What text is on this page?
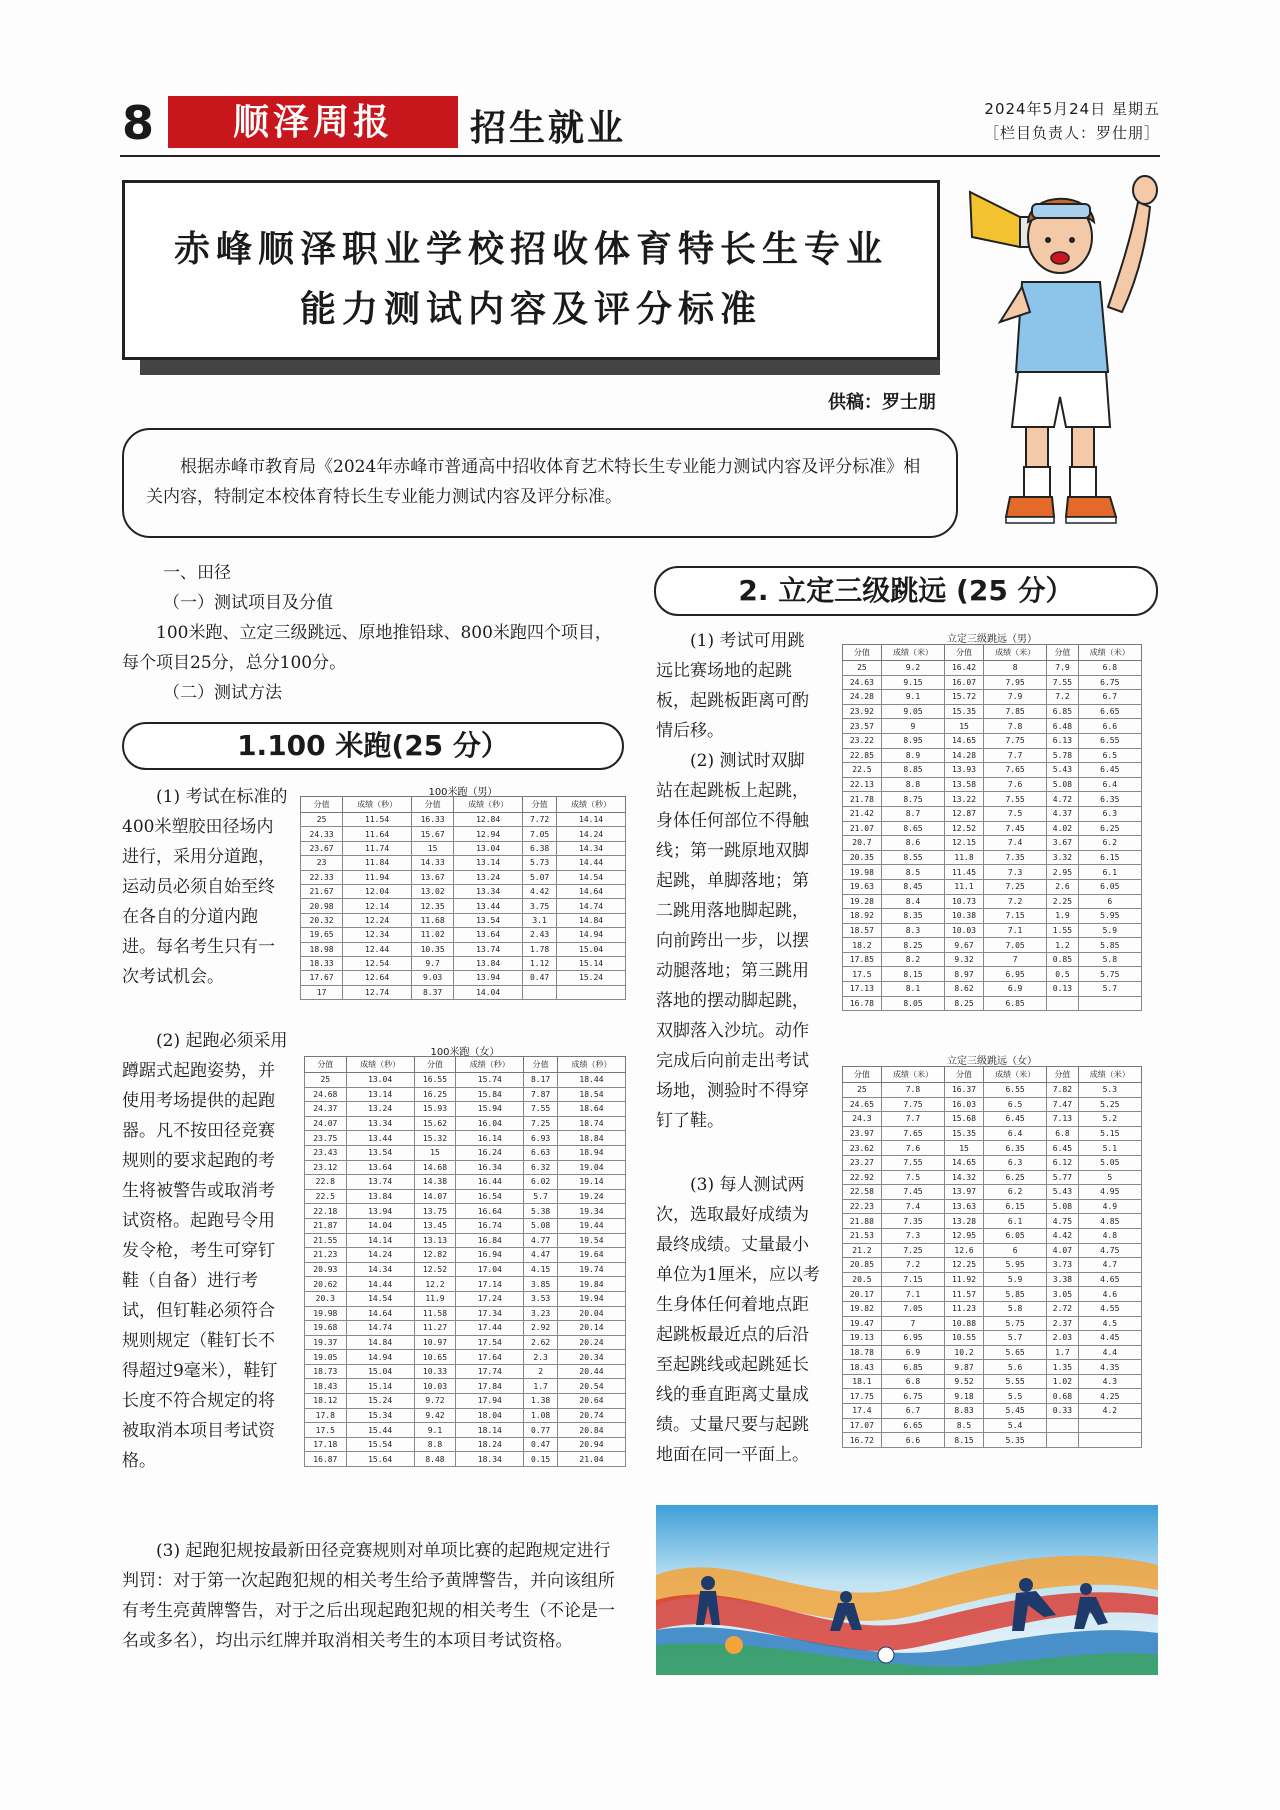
8	顺泽周报	招生就业	2024年5月24日 星期五
［栏目负责人：罗仕朋］
赤峰顺泽职业学校招收体育特长生专业
能力测试内容及评分标准
供稿：罗士朋
根据赤峰市教育局《2024年赤峰市普通高中招收体育艺术特长生专业能力测试内容及评分标准》相关内容，特制定本校体育特长生专业能力测试内容及评分标准。
一、田径
（一）测试项目及分值
100米跑、立定三级跳远、原地推铅球、800米跑四个项目，每个项目25分，总分100分。
（二）测试方法
1.100 米跑(25 分）
(1) 考试在标准的400米塑胶田径场内进行，采用分道跑，运动员必须自始至终在各自的分道内跑进。每名考生只有一次考试机会。
(2) 起跑必须采用蹲踞式起跑姿势，并使用考场提供的起跑器。凡不按田径竞赛规则的要求起跑的考生将被警告或取消考试资格。起跑号令用发令枪，考生可穿钉鞋（自备）进行考试，但钉鞋必须符合规则规定（鞋钉长不得超过9毫米），鞋钉长度不符合规定的将被取消本项目考试资格。
(3) 起跑犯规按最新田径竞赛规则对单项比赛的起跑规定进行判罚：对于第一次起跑犯规的相关考生给予黄牌警告，并向该组所有考生亮黄牌警告，对于之后出现起跑犯规的相关考生（不论是一名或多名），均出示红牌并取消相关考生的本项目考试资格。
100米跑（男）
分值	成绩（秒）	分值	成绩（秒）	分值	成绩（秒）
25	11.54	16.33	12.84	7.72	14.14
24.33	11.64	15.67	12.94	7.05	14.24
23.67	11.74	15	13.04	6.38	14.34
23	11.84	14.33	13.14	5.73	14.44
22.33	11.94	13.67	13.24	5.07	14.54
21.67	12.04	13.02	13.34	4.42	14.64
20.98	12.14	12.35	13.44	3.75	14.74
20.32	12.24	11.68	13.54	3.1	14.84
19.65	12.34	11.02	13.64	2.43	14.94
18.98	12.44	10.35	13.74	1.78	15.04
18.33	12.54	9.7	13.84	1.12	15.14
17.67	12.64	9.03	13.94	0.47	15.24
17	12.74	8.37	14.04		
100米跑（女）
分值	成绩（秒）	分值	成绩（秒）	分值	成绩（秒）
25	13.04	16.55	15.74	8.17	18.44
24.68	13.14	16.25	15.84	7.87	18.54
24.37	13.24	15.93	15.94	7.55	18.64
24.07	13.34	15.62	16.04	7.25	18.74
23.75	13.44	15.32	16.14	6.93	18.84
23.43	13.54	15	16.24	6.63	18.94
23.12	13.64	14.68	16.34	6.32	19.04
22.8	13.74	14.38	16.44	6.02	19.14
22.5	13.84	14.07	16.54	5.7	19.24
22.18	13.94	13.75	16.64	5.38	19.34
21.87	14.04	13.45	16.74	5.08	19.44
21.55	14.14	13.13	16.84	4.77	19.54
21.23	14.24	12.82	16.94	4.47	19.64
20.93	14.34	12.52	17.04	4.15	19.74
20.62	14.44	12.2	17.14	3.85	19.84
20.3	14.54	11.9	17.24	3.53	19.94
19.98	14.64	11.58	17.34	3.23	20.04
19.68	14.74	11.27	17.44	2.92	20.14
19.37	14.84	10.97	17.54	2.62	20.24
19.05	14.94	10.65	17.64	2.3	20.34
18.73	15.04	10.33	17.74	2	20.44
18.43	15.14	10.03	17.84	1.7	20.54
18.12	15.24	9.72	17.94	1.38	20.64
17.8	15.34	9.42	18.04	1.08	20.74
17.5	15.44	9.1	18.14	0.77	20.84
17.18	15.54	8.8	18.24	0.47	20.94
16.87	15.64	8.48	18.34	0.15	21.04
2. 立定三级跳远 (25 分）
(1) 考试可用跳远比赛场地的起跳板，起跳板距离可酌情后移。
(2) 测试时双脚站在起跳板上起跳，身体任何部位不得触线；第一跳原地双脚起跳，单脚落地；第二跳用落地脚起跳，向前跨出一步，以摆动腿落地；第三跳用落地的摆动脚起跳，双脚落入沙坑。动作完成后向前走出考试场地，测验时不得穿钉了鞋。
(3) 每人测试两次，选取最好成绩为最终成绩。丈量最小单位为1厘米，应以考生身体任何着地点距起跳板最近点的后沿至起跳线或起跳延长线的垂直距离丈量成绩。丈量尺要与起跳地面在同一平面上。
立定三级跳远（男）
分值	成绩（米）	分值	成绩（米）	分值	成绩（米）
25	9.2	16.42	8	7.9	6.8
24.63	9.15	16.07	7.95	7.55	6.75
24.28	9.1	15.72	7.9	7.2	6.7
23.92	9.05	15.35	7.85	6.85	6.65
23.57	9	15	7.8	6.48	6.6
23.22	8.95	14.65	7.75	6.13	6.55
22.85	8.9	14.28	7.7	5.78	6.5
22.5	8.85	13.93	7.65	5.43	6.45
22.13	8.8	13.58	7.6	5.08	6.4
21.78	8.75	13.22	7.55	4.72	6.35
21.42	8.7	12.87	7.5	4.37	6.3
21.07	8.65	12.52	7.45	4.02	6.25
20.7	8.6	12.15	7.4	3.67	6.2
20.35	8.55	11.8	7.35	3.32	6.15
19.98	8.5	11.45	7.3	2.95	6.1
19.63	8.45	11.1	7.25	2.6	6.05
19.28	8.4	10.73	7.2	2.25	6
18.92	8.35	10.38	7.15	1.9	5.95
18.57	8.3	10.03	7.1	1.55	5.9
18.2	8.25	9.67	7.05	1.2	5.85
17.85	8.2	9.32	7	0.85	5.8
17.5	8.15	8.97	6.95	0.5	5.75
17.13	8.1	8.62	6.9	0.13	5.7
16.78	8.05	8.25	6.85		
立定三级跳远（女）
分值	成绩（米）	分值	成绩（米）	分值	成绩（米）
25	7.8	16.37	6.55	7.82	5.3
24.65	7.75	16.03	6.5	7.47	5.25
24.3	7.7	15.68	6.45	7.13	5.2
23.97	7.65	15.35	6.4	6.8	5.15
23.62	7.6	15	6.35	6.45	5.1
23.27	7.55	14.65	6.3	6.12	5.05
22.92	7.5	14.32	6.25	5.77	5
22.58	7.45	13.97	6.2	5.43	4.95
22.23	7.4	13.63	6.15	5.08	4.9
21.88	7.35	13.28	6.1	4.75	4.85
21.53	7.3	12.95	6.05	4.42	4.8
21.2	7.25	12.6	6	4.07	4.75
20.85	7.2	12.25	5.95	3.73	4.7
20.5	7.15	11.92	5.9	3.38	4.65
20.17	7.1	11.57	5.85	3.05	4.6
19.82	7.05	11.23	5.8	2.72	4.55
19.47	7	10.88	5.75	2.37	4.5
19.13	6.95	10.55	5.7	2.03	4.45
18.78	6.9	10.2	5.65	1.7	4.4
18.43	6.85	9.87	5.6	1.35	4.35
18.1	6.8	9.52	5.55	1.02	4.3
17.75	6.75	9.18	5.5	0.68	4.25
17.4	6.7	8.83	5.45	0.33	4.2
17.07	6.65	8.5	5.4		
16.72	6.6	8.15	5.35		
